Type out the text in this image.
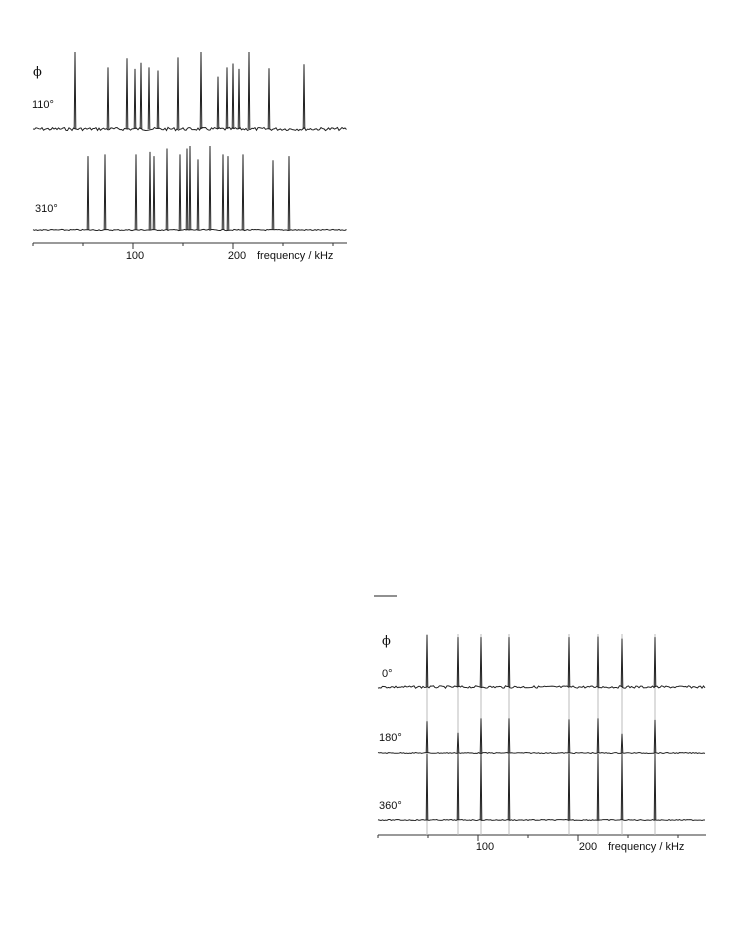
ϕ
110°
310°
100	200 frequency / kHz
ϕ
0°
180°
360°
100	200 frequency / kHz
